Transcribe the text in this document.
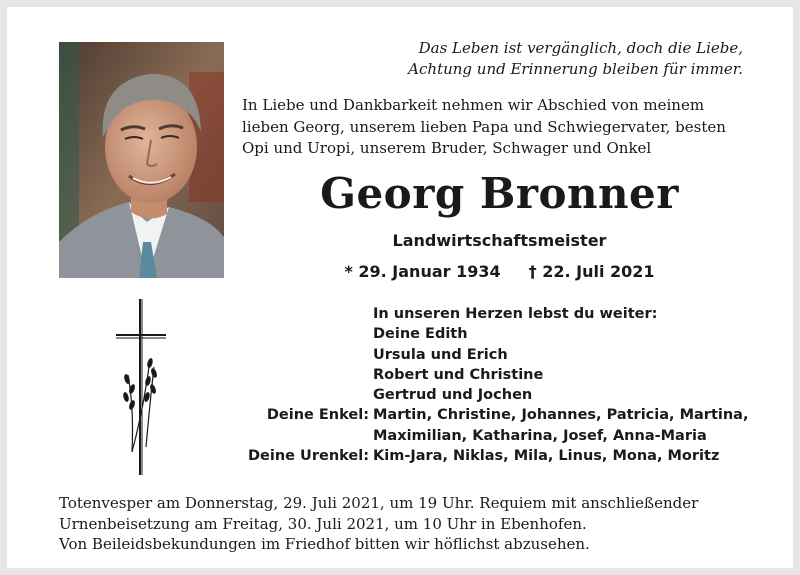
Das Leben ist vergänglich, doch die Liebe,
Achtung und Erinnerung bleiben für immer.
In Liebe und Dankbarkeit nehmen wir Abschied von meinem
lieben Georg, unserem lieben Papa und Schwiegervater, besten
Opi und Uropi, unserem Bruder, Schwager und Onkel
Georg Bronner
Landwirtschaftsmeister
* 29. Januar 1934 † 22. Juli 2021
In unseren Herzen lebst du weiter:
Deine Edith
Ursula und Erich
Robert und Christine
Gertrud und Jochen
Deine Enkel: Martin, Christine, Johannes, Patricia, Martina,
Maximilian, Katharina, Josef, Anna-Maria
Deine Urenkel: Kim-Jara, Niklas, Mila, Linus, Mona, Moritz
Totenvesper am Donnerstag, 29. Juli 2021, um 19 Uhr. Requiem mit anschließender
Urnenbeisetzung am Freitag, 30. Juli 2021, um 10 Uhr in Ebenhofen.
Von Beileidsbekundungen im Friedhof bitten wir höflichst abzusehen.
